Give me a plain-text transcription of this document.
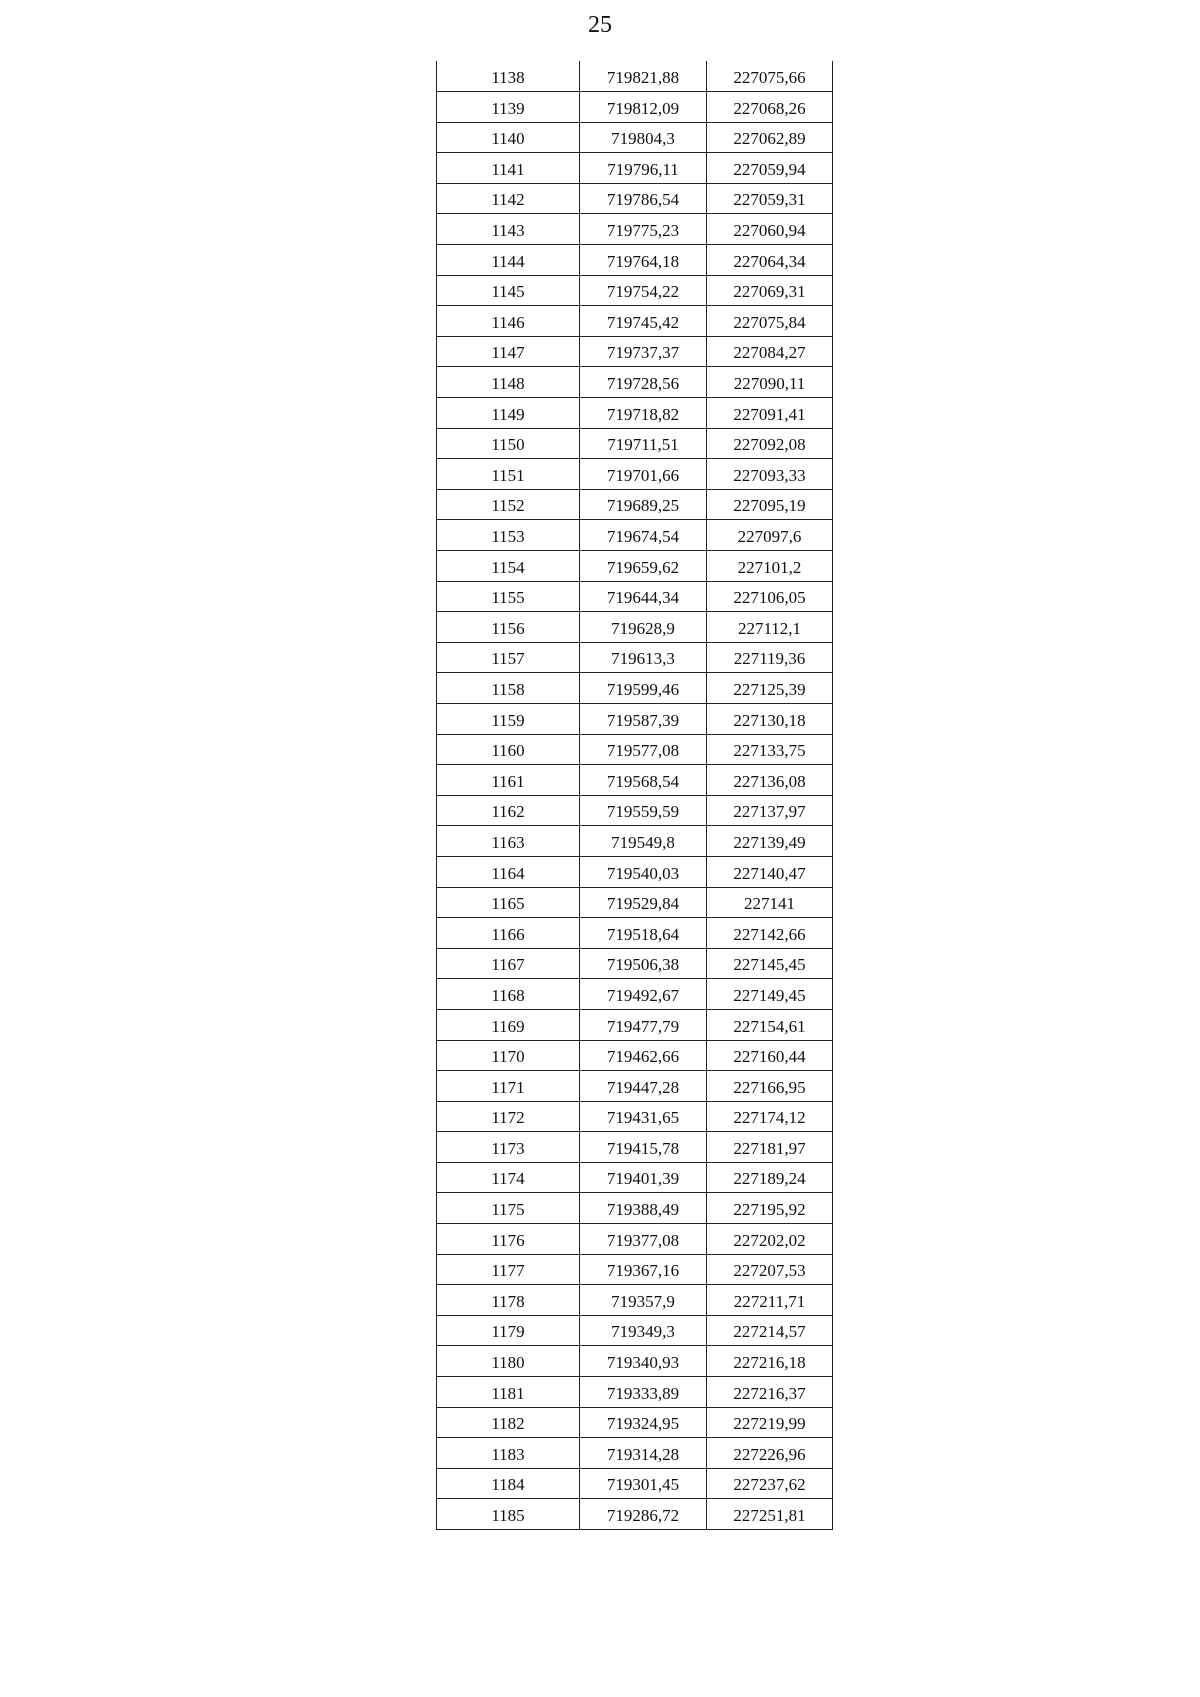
25
1138	719821,88	227075,66
1139	719812,09	227068,26
1140	719804,3	227062,89
1141	719796,11	227059,94
1142	719786,54	227059,31
1143	719775,23	227060,94
1144	719764,18	227064,34
1145	719754,22	227069,31
1146	719745,42	227075,84
1147	719737,37	227084,27
1148	719728,56	227090,11
1149	719718,82	227091,41
1150	719711,51	227092,08
1151	719701,66	227093,33
1152	719689,25	227095,19
1153	719674,54	227097,6
1154	719659,62	227101,2
1155	719644,34	227106,05
1156	719628,9	227112,1
1157	719613,3	227119,36
1158	719599,46	227125,39
1159	719587,39	227130,18
1160	719577,08	227133,75
1161	719568,54	227136,08
1162	719559,59	227137,97
1163	719549,8	227139,49
1164	719540,03	227140,47
1165	719529,84	227141
1166	719518,64	227142,66
1167	719506,38	227145,45
1168	719492,67	227149,45
1169	719477,79	227154,61
1170	719462,66	227160,44
1171	719447,28	227166,95
1172	719431,65	227174,12
1173	719415,78	227181,97
1174	719401,39	227189,24
1175	719388,49	227195,92
1176	719377,08	227202,02
1177	719367,16	227207,53
1178	719357,9	227211,71
1179	719349,3	227214,57
1180	719340,93	227216,18
1181	719333,89	227216,37
1182	719324,95	227219,99
1183	719314,28	227226,96
1184	719301,45	227237,62
1185	719286,72	227251,81
